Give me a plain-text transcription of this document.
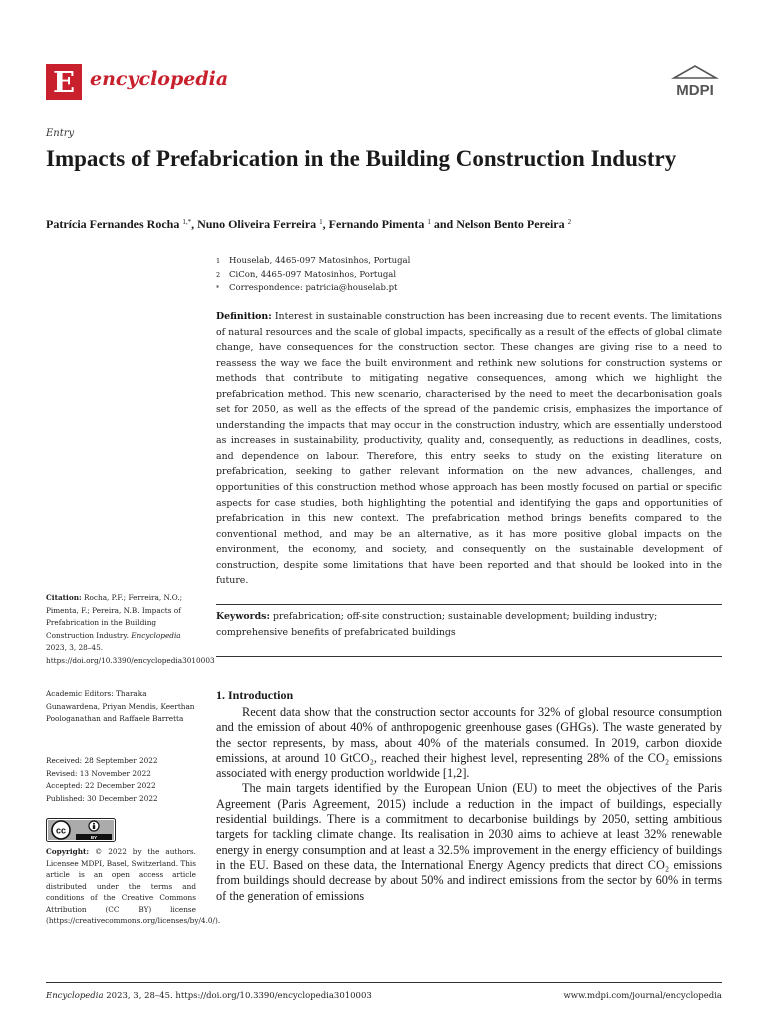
E encyclopedia
MDPI
Entry
Impacts of Prefabrication in the Building Construction Industry
Patrícia Fernandes Rocha $^{1,*}$, Nuno Oliveira Ferreira $^1$, Fernando Pimenta $^1$ and Nelson Bento Pereira $^2$
1	Houselab, 4465-097 Matosinhos, Portugal
2	CiCon, 4465-097 Matosinhos, Portugal
*	Correspondence: patricia@houselab.pt
Definition: Interest in sustainable construction has been increasing due to recent events. The limitations of natural resources and the scale of global impacts, specifically as a result of the effects of global climate change, have consequences for the construction sector. These changes are giving rise to a need to reassess the way we face the built environment and rethink new solutions for construction systems or methods that contribute to mitigating negative consequences, among which we highlight the prefabrication method. This new scenario, characterised by the need to meet the decarbonisation goals set for 2050, as well as the effects of the spread of the pandemic crisis, emphasizes the importance of understanding the impacts that may occur in the construction industry, which are essentially understood as increases in sustainability, productivity, quality and, consequently, as reductions in deadlines, costs, and dependence on labour. Therefore, this entry seeks to study on the existing literature on prefabrication, seeking to gather relevant information on the new advances, challenges, and opportunities of this construction method whose approach has been mostly focused on partial or specific aspects for case studies, both highlighting the potential and identifying the gaps and opportunities of prefabrication in this new context. The prefabrication method brings benefits compared to the conventional method, and may be an alternative, as it has more positive global impacts on the environment, the economy, and society, and consequently on the sustainable development of construction, despite some limitations that have been reported and that should be looked into in the future.
Keywords: prefabrication; off-site construction; sustainable development; building industry; comprehensive benefits of prefabricated buildings
1. Introduction

Recent data show that the construction sector accounts for 32% of global resource consumption and the emission of about 40% of anthropogenic greenhouse gases (GHGs). The waste generated by the sector represents, by mass, about 40% of the materials consumed. In 2019, carbon dioxide emissions, at around 10 GtCO₂, reached their highest level, representing 28% of the CO₂ emissions associated with energy production worldwide [1,2].

The main targets identified by the European Union (EU) to meet the objectives of the Paris Agreement (Paris Agreement, 2015) include a reduction in the impact of buildings, especially residential buildings. There is a commitment to decarbonise buildings by 2050, setting ambitious targets for tackling climate change. Its realisation in 2030 aims to achieve at least 32% renewable energy in energy consumption and at least a 32.5% improvement in the energy efficiency of buildings in the EU. Based on these data, the International Energy Agency predicts that direct CO₂ emissions from buildings should decrease by about 50% and indirect emissions from the sector by 60% in terms of the generation of emissions

Citation: Rocha, P.F.; Ferreira, N.O.; Pimenta, F.; Pereira, N.B. Impacts of Prefabrication in the Building Construction Industry. Encyclopedia 2023, 3, 28–45. https://doi.org/10.3390/encyclopedia3010003
Academic Editors: Tharaka Gunawardena, Priyan Mendis, Keerthan Poologanathan and Raffaele Barretta
Received: 28 September 2022
Revised: 13 November 2022
Accepted: 22 December 2022
Published: 30 December 2022
cc
BY
Copyright: © 2022 by the authors. Licensee MDPI, Basel, Switzerland. This article is an open access article distributed under the terms and conditions of the Creative Commons Attribution (CC BY) license (https://creativecommons.org/licenses/by/4.0/).
Encyclopedia 2023, 3, 28–45. https://doi.org/10.3390/encyclopedia3010003	www.mdpi.com/journal/encyclopedia
